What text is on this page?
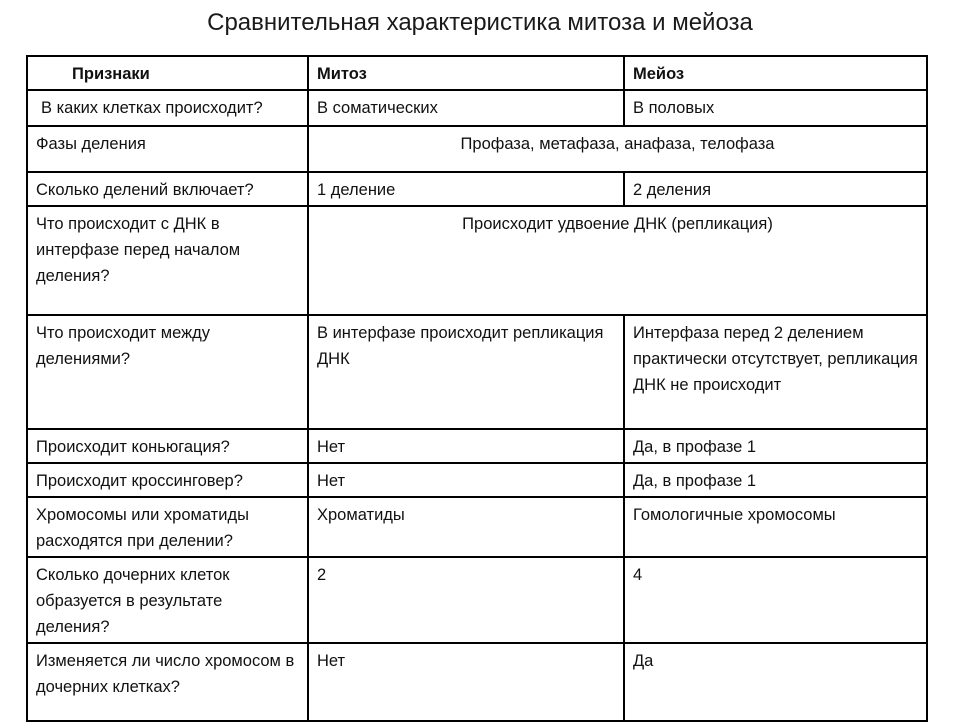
Сравнительная характеристика митоза и мейоза
Признаки	Митоз	Мейоз
В каких клетках происходит?	В соматических	В половых
Фазы деления	Профаза, метафаза, анафаза, телофаза	
Сколько делений включает?	1 деление	2 деления
Что происходит с ДНК в интерфазе перед началом деления?	Происходит удвоение ДНК (репликация)	
Что происходит между делениями?	В интерфазе происходит репликация ДНК	Интерфаза перед 2 делением практически отсутствует, репликация ДНК не происходит
Происходит коньюгация?	Нет	Да, в профазе 1
Происходит кроссинговер?	Нет	Да, в профазе 1
Хромосомы или хроматиды расходятся при делении?	Хроматиды	Гомологичные хромосомы
Сколько дочерних клеток образуется в результате деления?	2	4
Изменяется ли число хромосом в дочерних клетках?	Нет	Да
